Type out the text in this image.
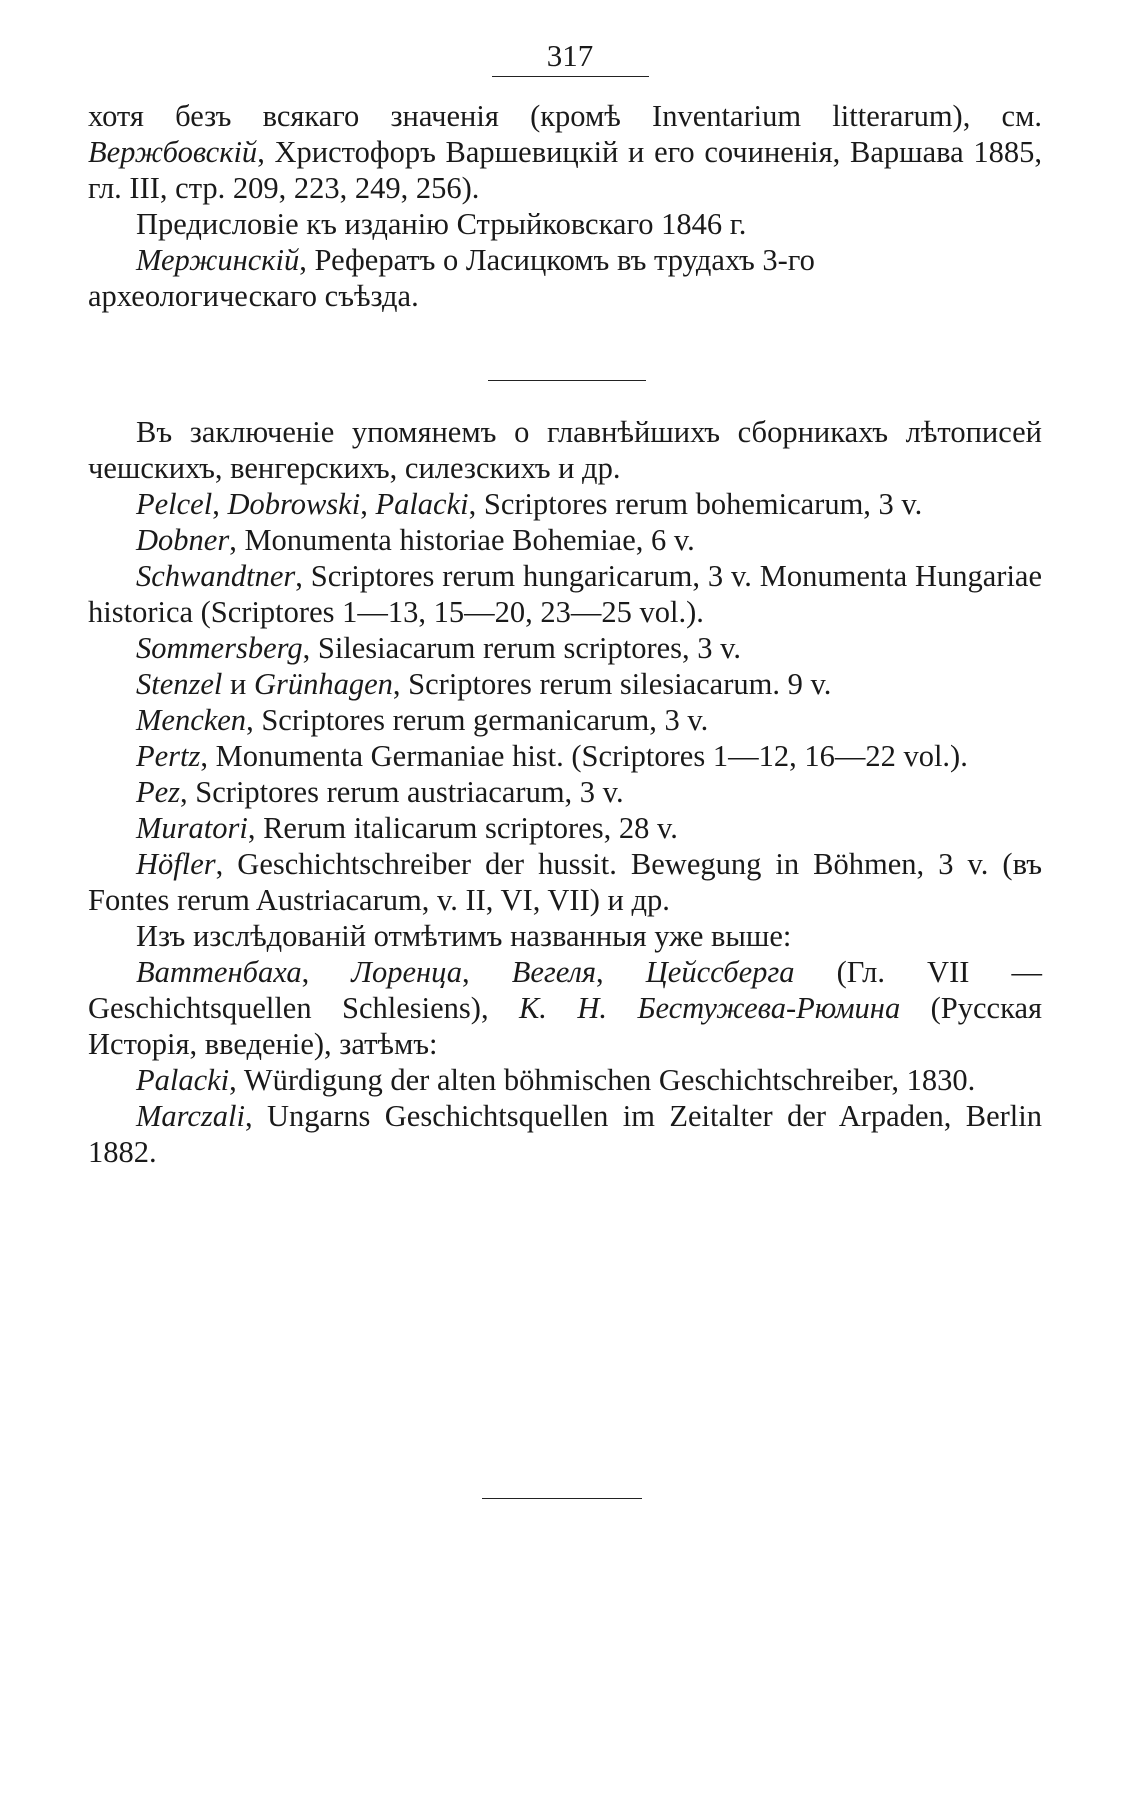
317

хотя безъ всякаго значенія (кромѣ Inventarium litterarum), см. Вержбовскій, Христофоръ Варшевицкій и его сочиненія, Варшава 1885, гл. III, стр. 209, 223, 249, 256).

Предисловіе къ изданію Стрыйковскаго 1846 г.

Мержинскій, Рефератъ о Ласицкомъ въ трудахъ 3-го археологическаго съѣзда.

Въ заключеніе упомянемъ о главнѣйшихъ сборникахъ лѣтописей чешскихъ, венгерскихъ, силезскихъ и др.

Pelcel, Dobrowski, Palacki, Scriptores rerum bohemicarum, 3 v.

Dobner, Monumenta historiae Bohemiae, 6 v.

Schwandtner, Scriptores rerum hungaricarum, 3 v. Monumenta Hungariae historica (Scriptores 1—13, 15—20, 23—25 vol.).

Sommersberg, Silesiacarum rerum scriptores, 3 v.

Stenzel и Grünhagen, Scriptores rerum silesiacarum. 9 v.

Mencken, Scriptores rerum germanicarum, 3 v.

Pertz, Monumenta Germaniae hist. (Scriptores 1—12, 16—22 vol.).

Pez, Scriptores rerum austriacarum, 3 v.

Muratori, Rerum italicarum scriptores, 28 v.

Höfler, Geschichtschreiber der hussit. Bewegung in Böhmen, 3 v. (въ Fontes rerum Austriacarum, v. II, VI, VII) и др.

Изъ изслѣдованій отмѣтимъ названныя уже выше:

Ваттенбаха, Лоренца, Вегеля, Цейссберга (Гл. VII — Geschichtsquellen Schlesiens), К. Н. Бестужева-Рюмина (Русская Исторія, введеніе), затѣмъ:

Palacki, Würdigung der alten böhmischen Geschichtschreiber, 1830.

Marczali, Ungarns Geschichtsquellen im Zeitalter der Arpaden, Berlin 1882.
